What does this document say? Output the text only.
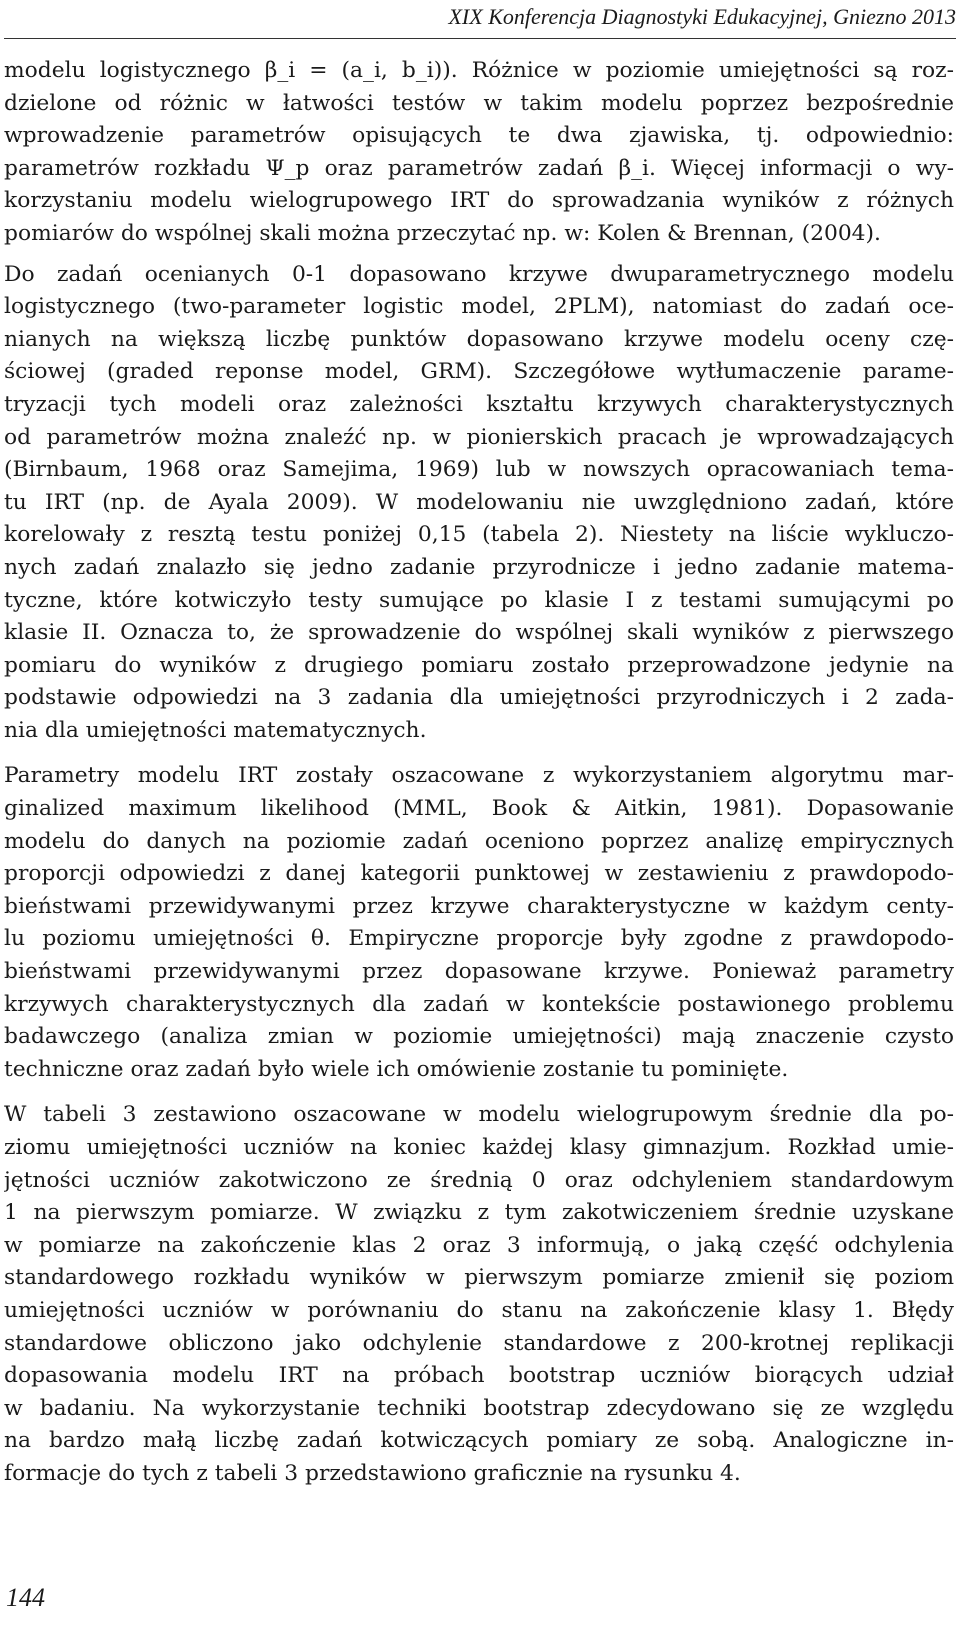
XIX Konferencja Diagnostyki Edukacyjnej, Gniezno 2013

modelu logistycznego β_i = (a_i, b_i)). Różnice w poziomie umiejętności są roz-
dzielone od różnic w łatwości testów w takim modelu poprzez bezpośrednie
wprowadzenie parametrów opisujących te dwa zjawiska, tj. odpowiednio:
parametrów rozkładu Ψ_p oraz parametrów zadań β_i. Więcej informacji o wy-
korzystaniu modelu wielogrupowego IRT do sprowadzania wyników z różnych
pomiarów do wspólnej skali można przeczytać np. w: Kolen & Brennan, (2004).

Do zadań ocenianych 0-1 dopasowano krzywe dwuparametrycznego modelu
logistycznego (two-parameter logistic model, 2PLM), natomiast do zadań oce-
nianych na większą liczbę punktów dopasowano krzywe modelu oceny czę-
ściowej (graded reponse model, GRM). Szczegółowe wytłumaczenie parame-
tryzacji tych modeli oraz zależności kształtu krzywych charakterystycznych
od parametrów można znaleźć np. w pionierskich pracach je wprowadzających
(Birnbaum, 1968 oraz Samejima, 1969) lub w nowszych opracowaniach tema-
tu IRT (np. de Ayala 2009). W modelowaniu nie uwzględniono zadań, które
korelowały z resztą testu poniżej 0,15 (tabela 2). Niestety na liście wykluczo-
nych zadań znalazło się jedno zadanie przyrodnicze i jedno zadanie matema-
tyczne, które kotwiczyło testy sumujące po klasie I z testami sumującymi po
klasie II. Oznacza to, że sprowadzenie do wspólnej skali wyników z pierwszego
pomiaru do wyników z drugiego pomiaru zostało przeprowadzone jedynie na
podstawie odpowiedzi na 3 zadania dla umiejętności przyrodniczych i 2 zada-
nia dla umiejętności matematycznych.

Parametry modelu IRT zostały oszacowane z wykorzystaniem algorytmu mar-
ginalized maximum likelihood (MML, Book & Aitkin, 1981). Dopasowanie
modelu do danych na poziomie zadań oceniono poprzez analizę empirycznych
proporcji odpowiedzi z danej kategorii punktowej w zestawieniu z prawdopodo-
bieństwami przewidywanymi przez krzywe charakterystyczne w każdym centy-
lu poziomu umiejętności θ. Empiryczne proporcje były zgodne z prawdopodo-
bieństwami przewidywanymi przez dopasowane krzywe. Ponieważ parametry
krzywych charakterystycznych dla zadań w kontekście postawionego problemu
badawczego (analiza zmian w poziomie umiejętności) mają znaczenie czysto
techniczne oraz zadań było wiele ich omówienie zostanie tu pominięte.

W tabeli 3 zestawiono oszacowane w modelu wielogrupowym średnie dla po-
ziomu umiejętności uczniów na koniec każdej klasy gimnazjum. Rozkład umie-
jętności uczniów zakotwiczono ze średnią 0 oraz odchyleniem standardowym
1 na pierwszym pomiarze. W związku z tym zakotwiczeniem średnie uzyskane
w pomiarze na zakończenie klas 2 oraz 3 informują, o jaką część odchylenia
standardowego rozkładu wyników w pierwszym pomiarze zmienił się poziom
umiejętności uczniów w porównaniu do stanu na zakończenie klasy 1. Błędy
standardowe obliczono jako odchylenie standardowe z 200-krotnej replikacji
dopasowania modelu IRT na próbach bootstrap uczniów biorących udział
w badaniu. Na wykorzystanie techniki bootstrap zdecydowano się ze względu
na bardzo małą liczbę zadań kotwiczących pomiary ze sobą. Analogiczne in-
formacje do tych z tabeli 3 przedstawiono graficznie na rysunku 4.

144
